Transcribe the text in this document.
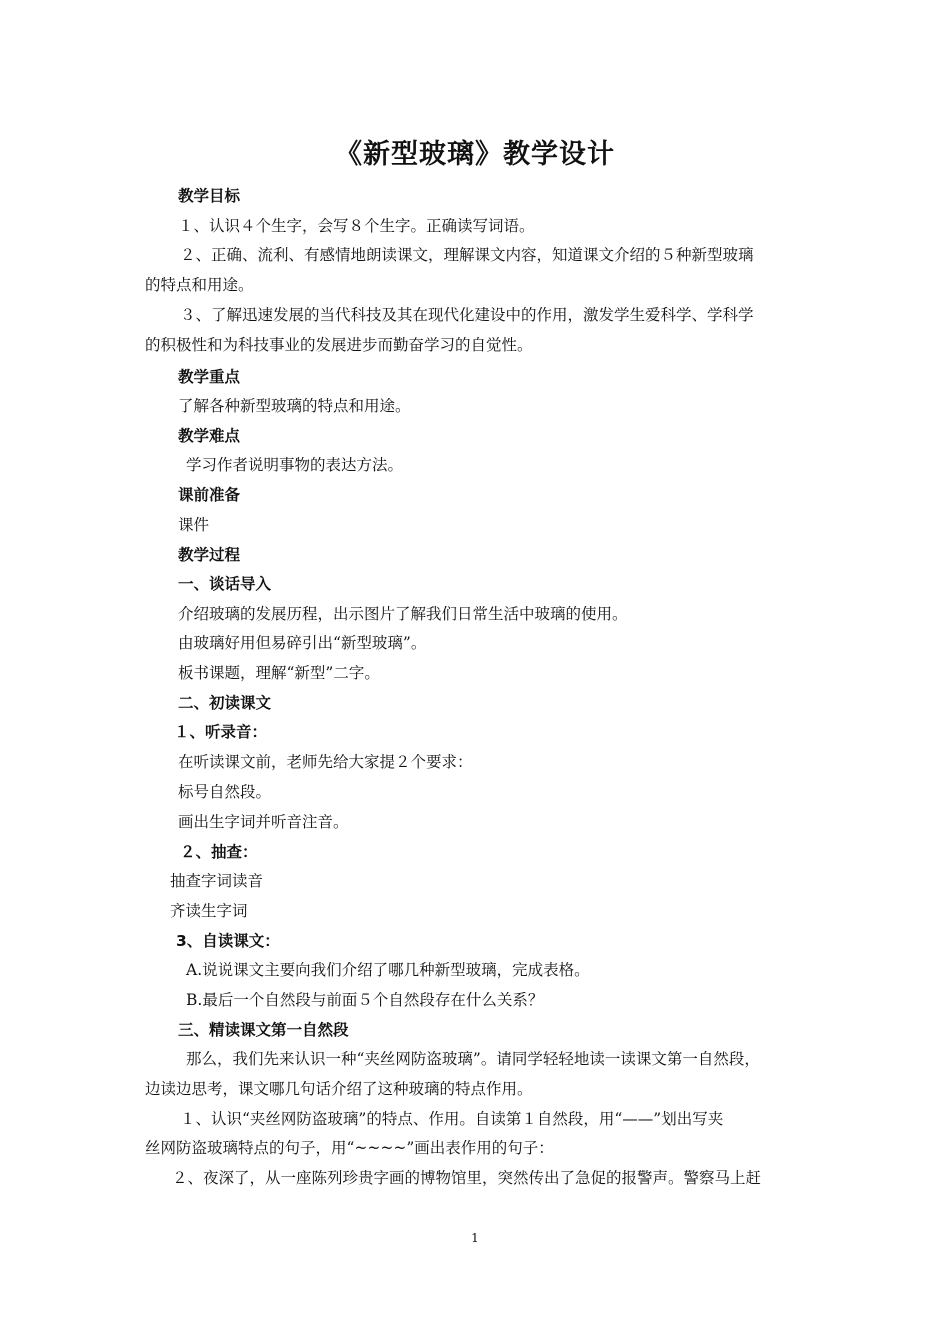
《新型玻璃》教学设计
教学目标
１、认识４个生字，会写８个生字。正确读写词语。
２、正确、流利、有感情地朗读课文，理解课文内容，知道课文介绍的５种新型玻璃
的特点和用途。
３、了解迅速发展的当代科技及其在现代化建设中的作用，激发学生爱科学、学科学
的积极性和为科技事业的发展进步而勤奋学习的自觉性。
教学重点
了解各种新型玻璃的特点和用途。
教学难点
学习作者说明事物的表达方法。
课前准备
课件
教学过程
一、谈话导入
介绍玻璃的发展历程，出示图片了解我们日常生活中玻璃的使用。
由玻璃好用但易碎引出“新型玻璃”。
板书课题，理解“新型”二字。
二、初读课文
１、听录音：
在听读课文前，老师先给大家提２个要求：
标号自然段。
画出生字词并听音注音。
２、抽查：
抽查字词读音
齐读生字词
3、自读课文：
A.说说课文主要向我们介绍了哪几种新型玻璃，完成表格。
B.最后一个自然段与前面５个自然段存在什么关系？
三、精读课文第一自然段
那么，我们先来认识一种“夹丝网防盗玻璃”。请同学轻轻地读一读课文第一自然段，
边读边思考，课文哪几句话介绍了这种玻璃的特点作用。
１、认识“夹丝网防盗玻璃”的特点、作用。自读第１自然段，用“——”划出写夹
丝网防盗玻璃特点的句子，用“~~~~”画出表作用的句子：
２、夜深了，从一座陈列珍贵字画的博物馆里，突然传出了急促的报警声。警察马上赶
1
